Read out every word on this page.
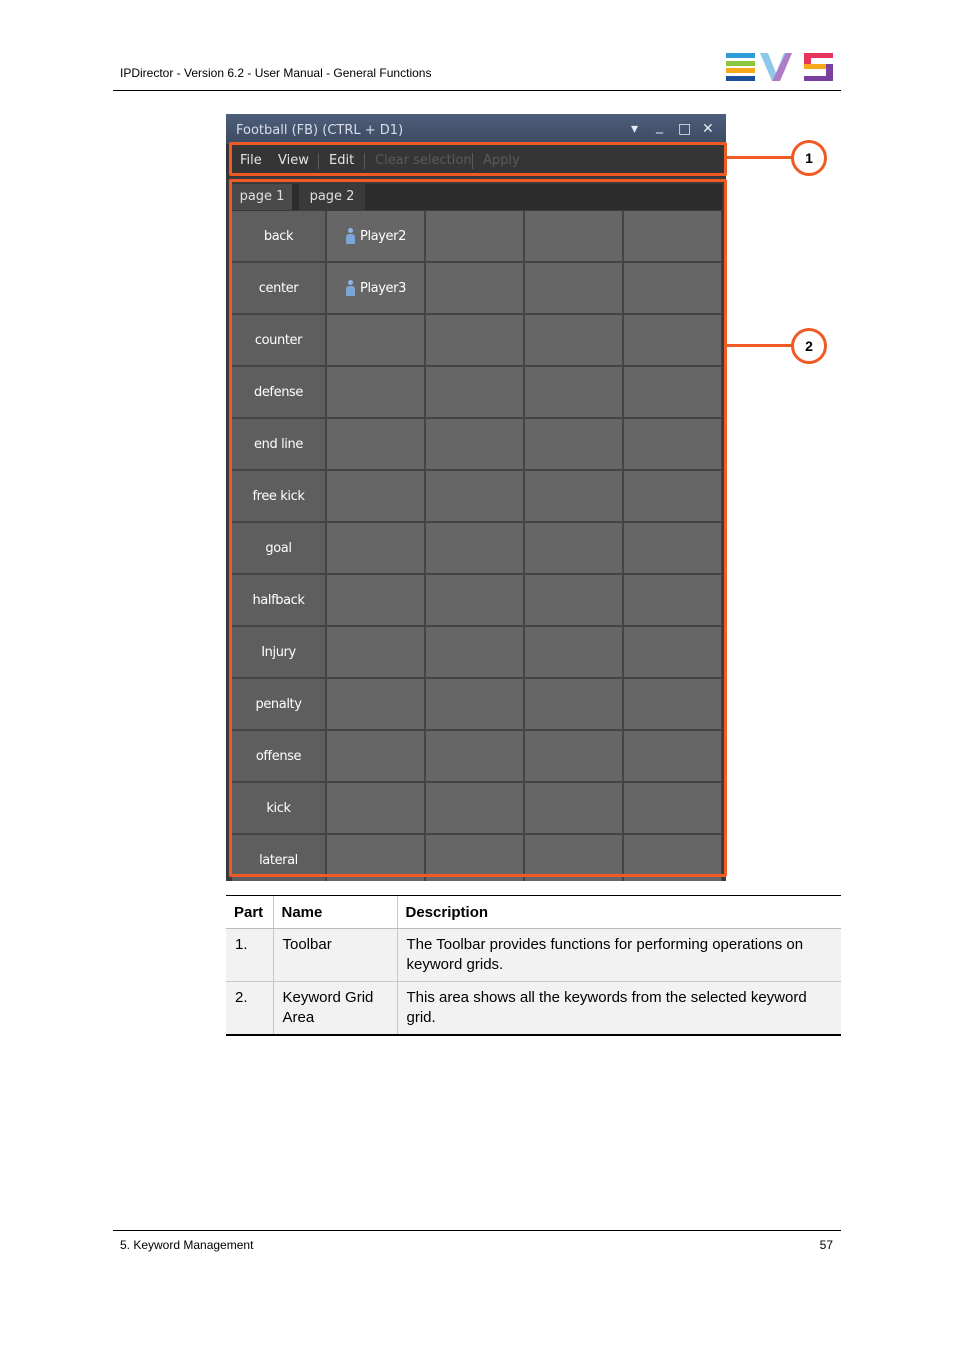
IPDirector - Version 6.2 - User Manual - General Functions
Football (FB) (CTRL + D1)	▾ _ □ ✕
File View Edit Clear selection Apply
page 1	page 2
back	Player2
center	Player3
counter
defense
end line
free kick
goal
halfback
Injury
penalty
offense
kick
lateral
1
2
Part	Name	Description
1.	Toolbar	The Toolbar provides functions for performing operations on keyword grids.
2.	Keyword Grid Area	This area shows all the keywords from the selected keyword grid.
5. Keyword Management	57
